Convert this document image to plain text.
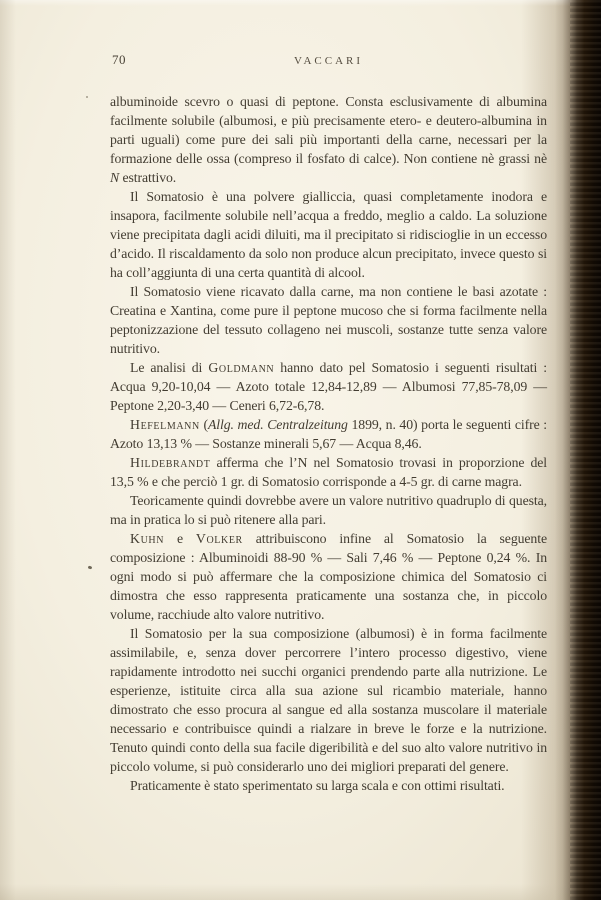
70	VACCARI

albuminoide scevro o quasi di peptone. Consta esclusivamente di albumina facilmente solubile (albumosi, e più precisamente etero- e deutero-albumina in parti uguali) come pure dei sali più importanti della carne, necessari per la formazione delle ossa (compreso il fosfato di calce). Non contiene nè grassi nè N estrattivo.

Il Somatosio è una polvere gialliccia, quasi completamente inodora e insapora, facilmente solubile nell’acqua a freddo, meglio a caldo. La soluzione viene precipitata dagli acidi diluiti, ma il precipitato si ridiscioglie in un eccesso d’acido. Il riscaldamento da solo non produce alcun precipitato, invece questo si ha coll’aggiunta di una certa quantità di alcool.

Il Somatosio viene ricavato dalla carne, ma non contiene le basi azotate : Creatina e Xantina, come pure il peptone mucoso che si forma facilmente nella peptonizzazione del tessuto collageno nei muscoli, sostanze tutte senza valore nutritivo.

Le analisi di Goldmann hanno dato pel Somatosio i seguenti risultati : Acqua 9,20-10,04 — Azoto totale 12,84-12,89 — Albumosi 77,85-78,09 — Peptone 2,20-3,40 — Ceneri 6,72-6,78.

Hefelmann (Allg. med. Centralzeitung 1899, n. 40) porta le seguenti cifre : Azoto 13,13 % — Sostanze minerali 5,67 — Acqua 8,46.

Hildebrandt afferma che l’N nel Somatosio trovasi in proporzione del 13,5 % e che perciò 1 gr. di Somatosio corrisponde a 4-5 gr. di carne magra.

Teoricamente quindi dovrebbe avere un valore nutritivo quadruplo di questa, ma in pratica lo si può ritenere alla pari.

Kuhn e Volker attribuiscono infine al Somatosio la seguente composizione : Albuminoidi 88-90 % — Sali 7,46 % — Peptone 0,24 %. In ogni modo si può affermare che la composizione chimica del Somatosio ci dimostra che esso rappresenta praticamente una sostanza che, in piccolo volume, racchiude alto valore nutritivo.

Il Somatosio per la sua composizione (albumosi) è in forma facilmente assimilabile, e, senza dover percorrere l’intero processo digestivo, viene rapidamente introdotto nei succhi organici prendendo parte alla nutrizione. Le esperienze, istituite circa alla sua azione sul ricambio materiale, hanno dimostrato che esso procura al sangue ed alla sostanza muscolare il materiale necessario e contribuisce quindi a rialzare in breve le forze e la nutrizione. Tenuto quindi conto della sua facile digeribilità e del suo alto valore nutritivo in piccolo volume, si può considerarlo uno dei migliori preparati del genere.

Praticamente è stato sperimentato su larga scala e con ottimi risultati.
